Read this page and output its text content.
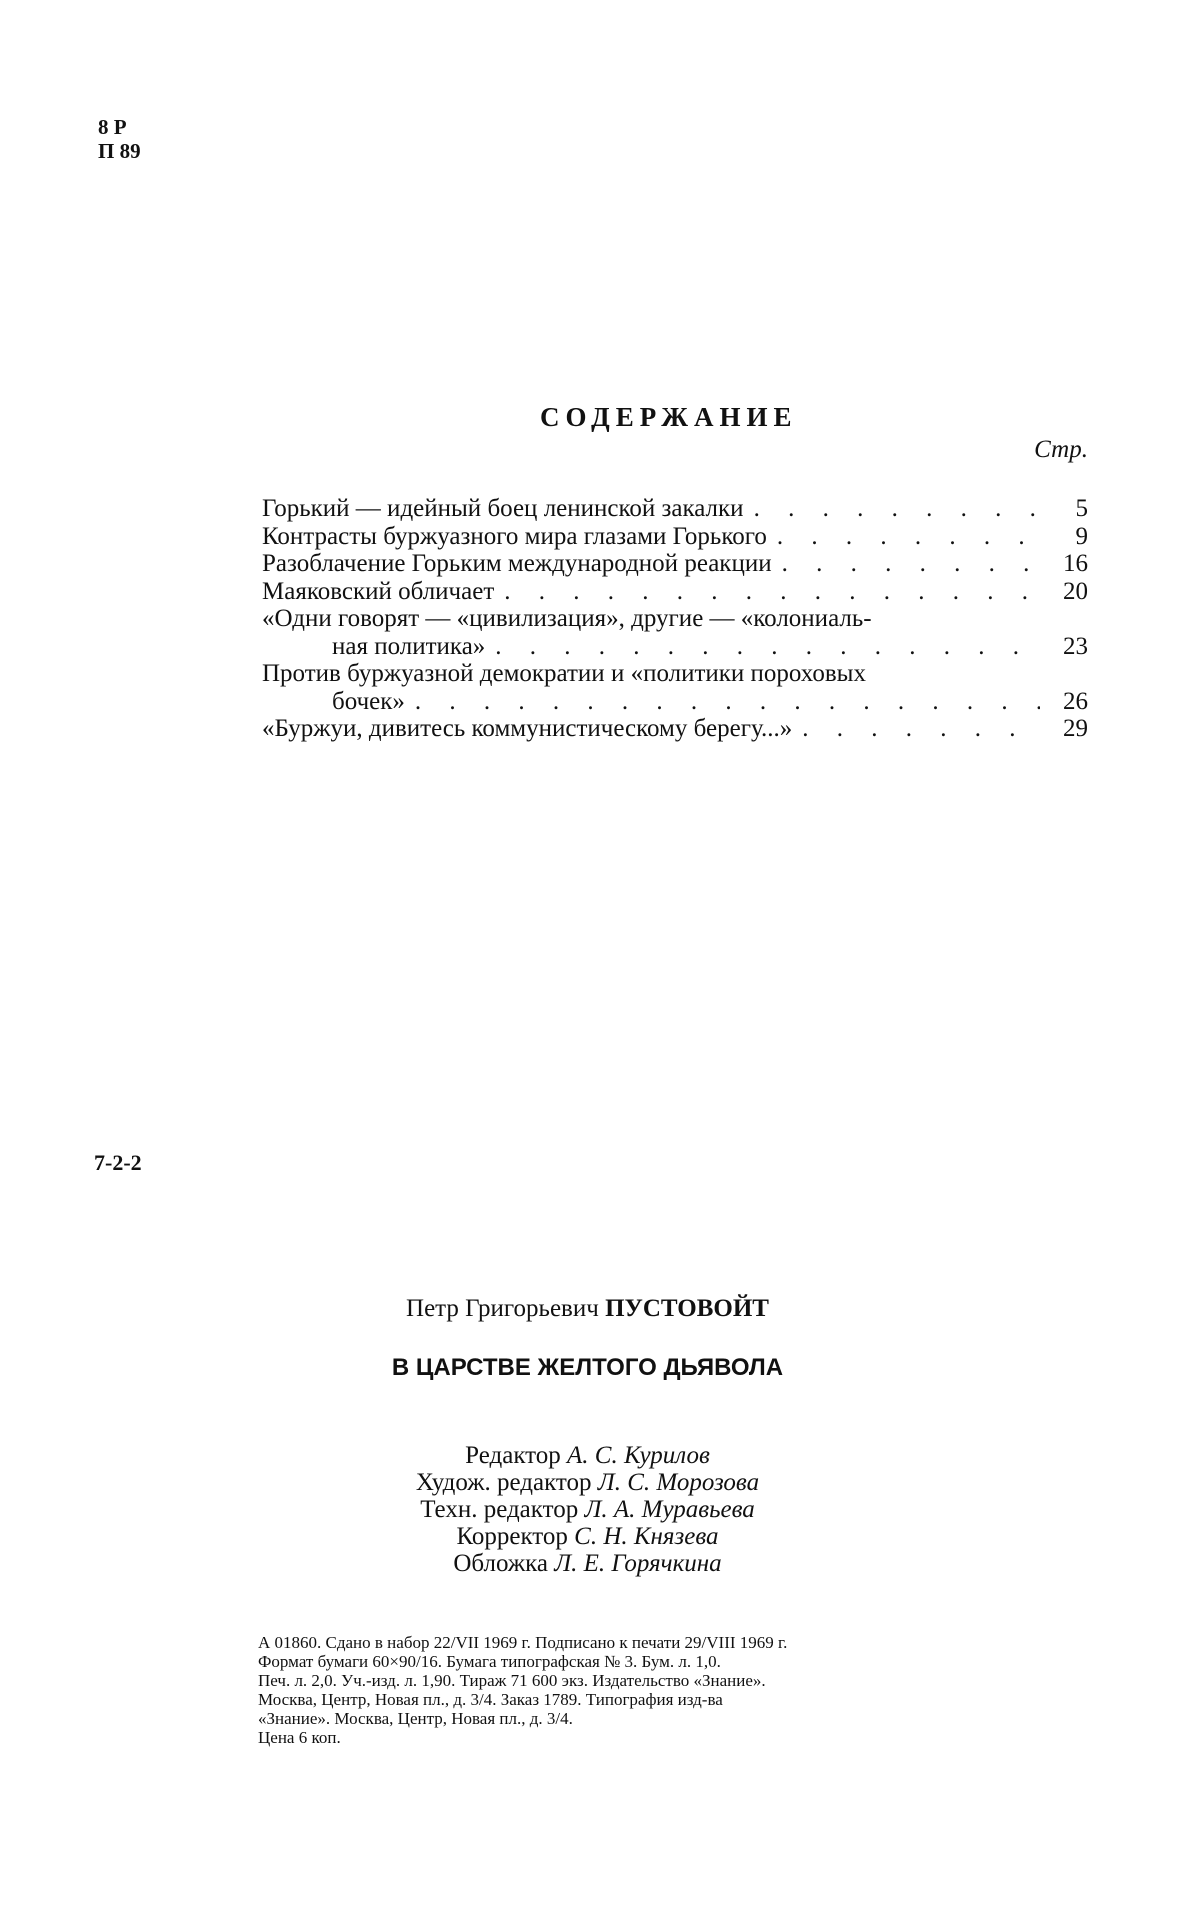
8 Р
П 89
СОДЕРЖАНИЕ
Стр.
Горький — идейный боец ленинской закалки . . .	5
Контрасты буржуазного мира глазами Горького . . .	9
Разоблачение Горьким международной реакции . . .	16
Маяковский обличает . . .	20
«Одни говорят — «цивилизация», другие — «колониаль-
ная политика» . . .	23
Против буржуазной демократии и «политики пороховых
бочек» . . .	26
«Буржуи, дивитесь коммунистическому берегу...» . . .	29
7-2-2
Петр Григорьевич ПУСТОВОЙТ
В ЦАРСТВЕ ЖЕЛТОГО ДЬЯВОЛА
Редактор А. С. Курилов
Худож. редактор Л. С. Морозова
Техн. редактор Л. А. Муравьева
Корректор С. Н. Князева
Обложка Л. Е. Горячкина
А 01860. Сдано в набор 22/VII 1969 г. Подписано к печати 29/VIII 1969 г.
Формат бумаги 60×90/16. Бумага типографская № 3. Бум. л. 1,0.
Печ. л. 2,0. Уч.-изд. л. 1,90. Тираж 71 600 экз. Издательство «Знание».
Москва, Центр, Новая пл., д. 3/4. Заказ 1789. Типография изд-ва
«Знание». Москва, Центр, Новая пл., д. 3/4.
Цена 6 коп.
